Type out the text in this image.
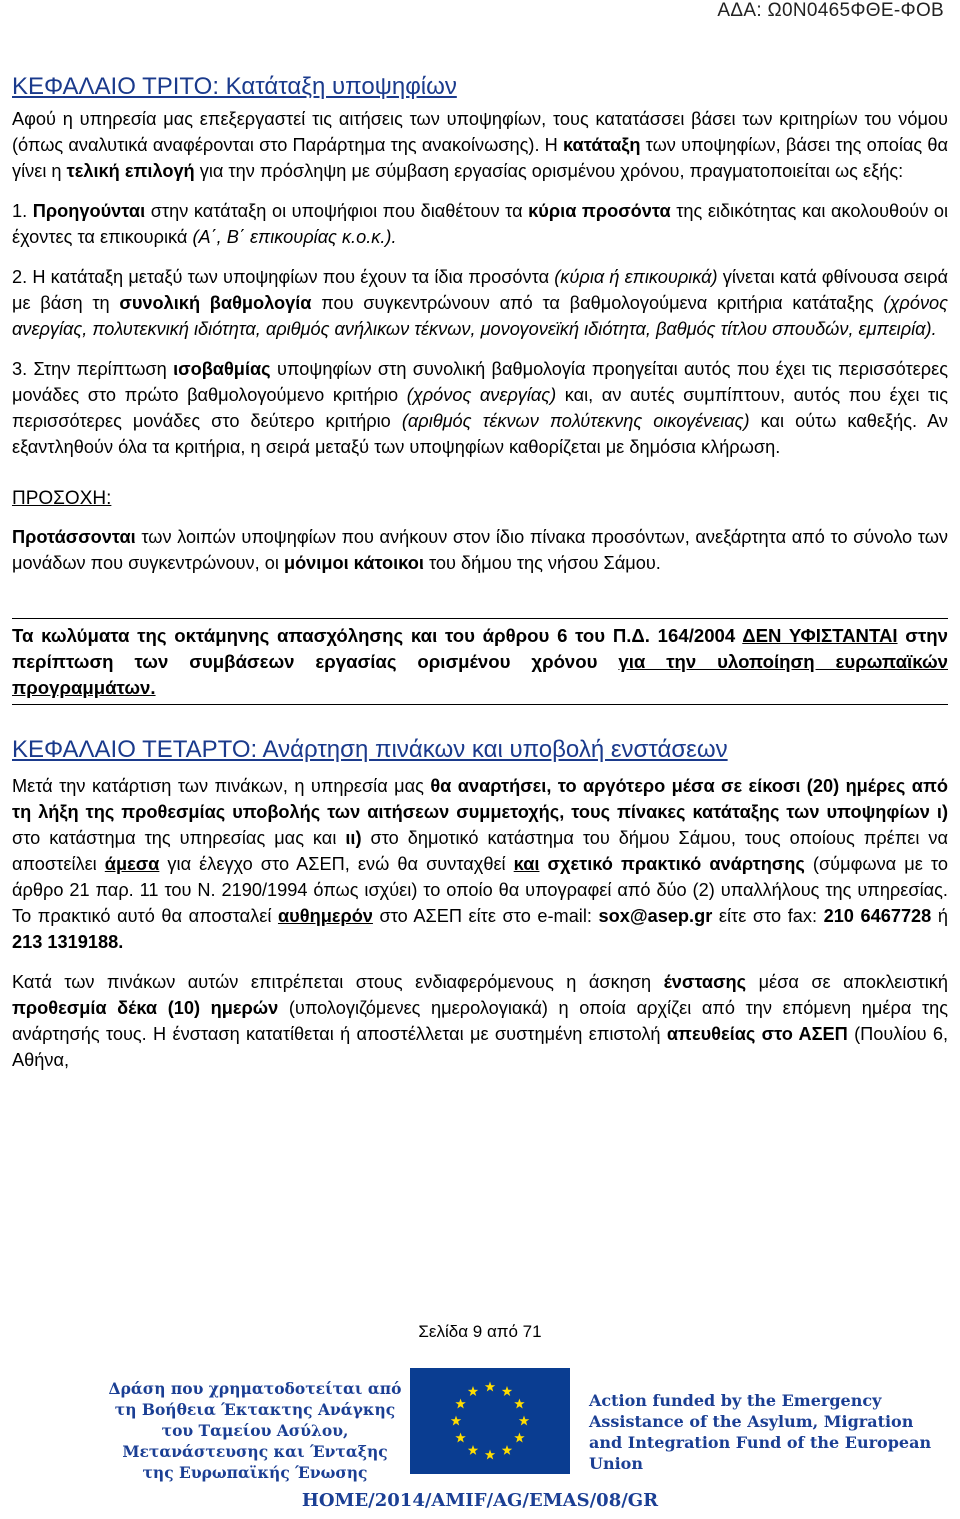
ΑΔΑ: Ω0Ν0465ΦΘΕ-ΦΟΒ
ΚΕΦΑΛΑΙΟ ΤΡΙΤΟ: Κατάταξη υποψηφίων

Αφού η υπηρεσία μας επεξεργαστεί τις αιτήσεις των υποψηφίων, τους κατατάσσει βάσει των κριτηρίων του νόμου (όπως αναλυτικά αναφέρονται στο Παράρτημα της ανακοίνωσης). Η κατάταξη των υποψηφίων, βάσει της οποίας θα γίνει η τελική επιλογή για την πρόσληψη με σύμβαση εργασίας ορισμένου χρόνου, πραγματοποιείται ως εξής:

1. Προηγούνται στην κατάταξη οι υποψήφιοι που διαθέτουν τα κύρια προσόντα της ειδικότητας και ακολουθούν οι έχοντες τα επικουρικά (Α΄, Β΄ επικουρίας κ.ο.κ.).

2. Η κατάταξη μεταξύ των υποψηφίων που έχουν τα ίδια προσόντα (κύρια ή επικουρικά) γίνεται κατά φθίνουσα σειρά με βάση τη συνολική βαθμολογία που συγκεντρώνουν από τα βαθμολογούμενα κριτήρια κατάταξης (χρόνος ανεργίας, πολυτεκνική ιδιότητα, αριθμός ανήλικων τέκνων, μονογονεϊκή ιδιότητα, βαθμός τίτλου σπουδών, εμπειρία).

3. Στην περίπτωση ισοβαθμίας υποψηφίων στη συνολική βαθμολογία προηγείται αυτός που έχει τις περισσότερες μονάδες στο πρώτο βαθμολογούμενο κριτήριο (χρόνος ανεργίας) και, αν αυτές συμπίπτουν, αυτός που έχει τις περισσότερες μονάδες στο δεύτερο κριτήριο (αριθμός τέκνων πολύτεκνης οικογένειας) και ούτω καθεξής. Αν εξαντληθούν όλα τα κριτήρια, η σειρά μεταξύ των υποψηφίων καθορίζεται με δημόσια κλήρωση.

ΠΡΟΣΟΧΗ:

Προτάσσονται των λοιπών υποψηφίων που ανήκουν στον ίδιο πίνακα προσόντων, ανεξάρτητα από το σύνολο των μονάδων που συγκεντρώνουν, οι μόνιμοι κάτοικοι του δήμου της νήσου Σάμου.

Τα κωλύματα της οκτάμηνης απασχόλησης και του άρθρου 6 του Π.Δ. 164/2004 ΔΕΝ ΥΦΙΣΤΑΝΤΑΙ στην περίπτωση των συμβάσεων εργασίας ορισμένου χρόνου για την υλοποίηση ευρωπαϊκών προγραμμάτων.

ΚΕΦΑΛΑΙΟ ΤΕΤΑΡΤΟ: Ανάρτηση πινάκων και υποβολή ενστάσεων

Μετά την κατάρτιση των πινάκων, η υπηρεσία μας θα αναρτήσει, το αργότερο μέσα σε είκοσι (20) ημέρες από τη λήξη της προθεσμίας υποβολής των αιτήσεων συμμετοχής, τους πίνακες κατάταξης των υποψηφίων ι) στο κατάστημα της υπηρεσίας μας και ιι) στο δημοτικό κατάστημα του δήμου Σάμου, τους οποίους πρέπει να αποστείλει άμεσα για έλεγχο στο ΑΣΕΠ, ενώ θα συνταχθεί και σχετικό πρακτικό ανάρτησης (σύμφωνα με το άρθρο 21 παρ. 11 του Ν. 2190/1994 όπως ισχύει) το οποίο θα υπογραφεί από δύο (2) υπαλλήλους της υπηρεσίας. Το πρακτικό αυτό θα αποσταλεί αυθημερόν στο ΑΣΕΠ είτε στο e-mail: sox@asep.gr είτε στο fax: 210 6467728 ή 213 1319188.

Κατά των πινάκων αυτών επιτρέπεται στους ενδιαφερόμενους η άσκηση ένστασης μέσα σε αποκλειστική προθεσμία δέκα (10) ημερών (υπολογιζόμενες ημερολογιακά) η οποία αρχίζει από την επόμενη ημέρα της ανάρτησής τους. Η ένσταση κατατίθεται ή αποστέλλεται με συστημένη επιστολή απευθείας στο ΑΣΕΠ (Πουλίου 6, Αθήνα,

Σελίδα 9 από 71
Δράση που χρηματοδοτείται από τη Βοήθεια Έκτακτης Ανάγκης του Ταμείου Ασύλου, Μετανάστευσης και Ένταξης της Ευρωπαϊκής Ένωσης
Action funded by the Emergency Assistance of the Asylum, Migration and Integration Fund of the European Union
HOME/2014/AMIF/AG/EMAS/08/GR
